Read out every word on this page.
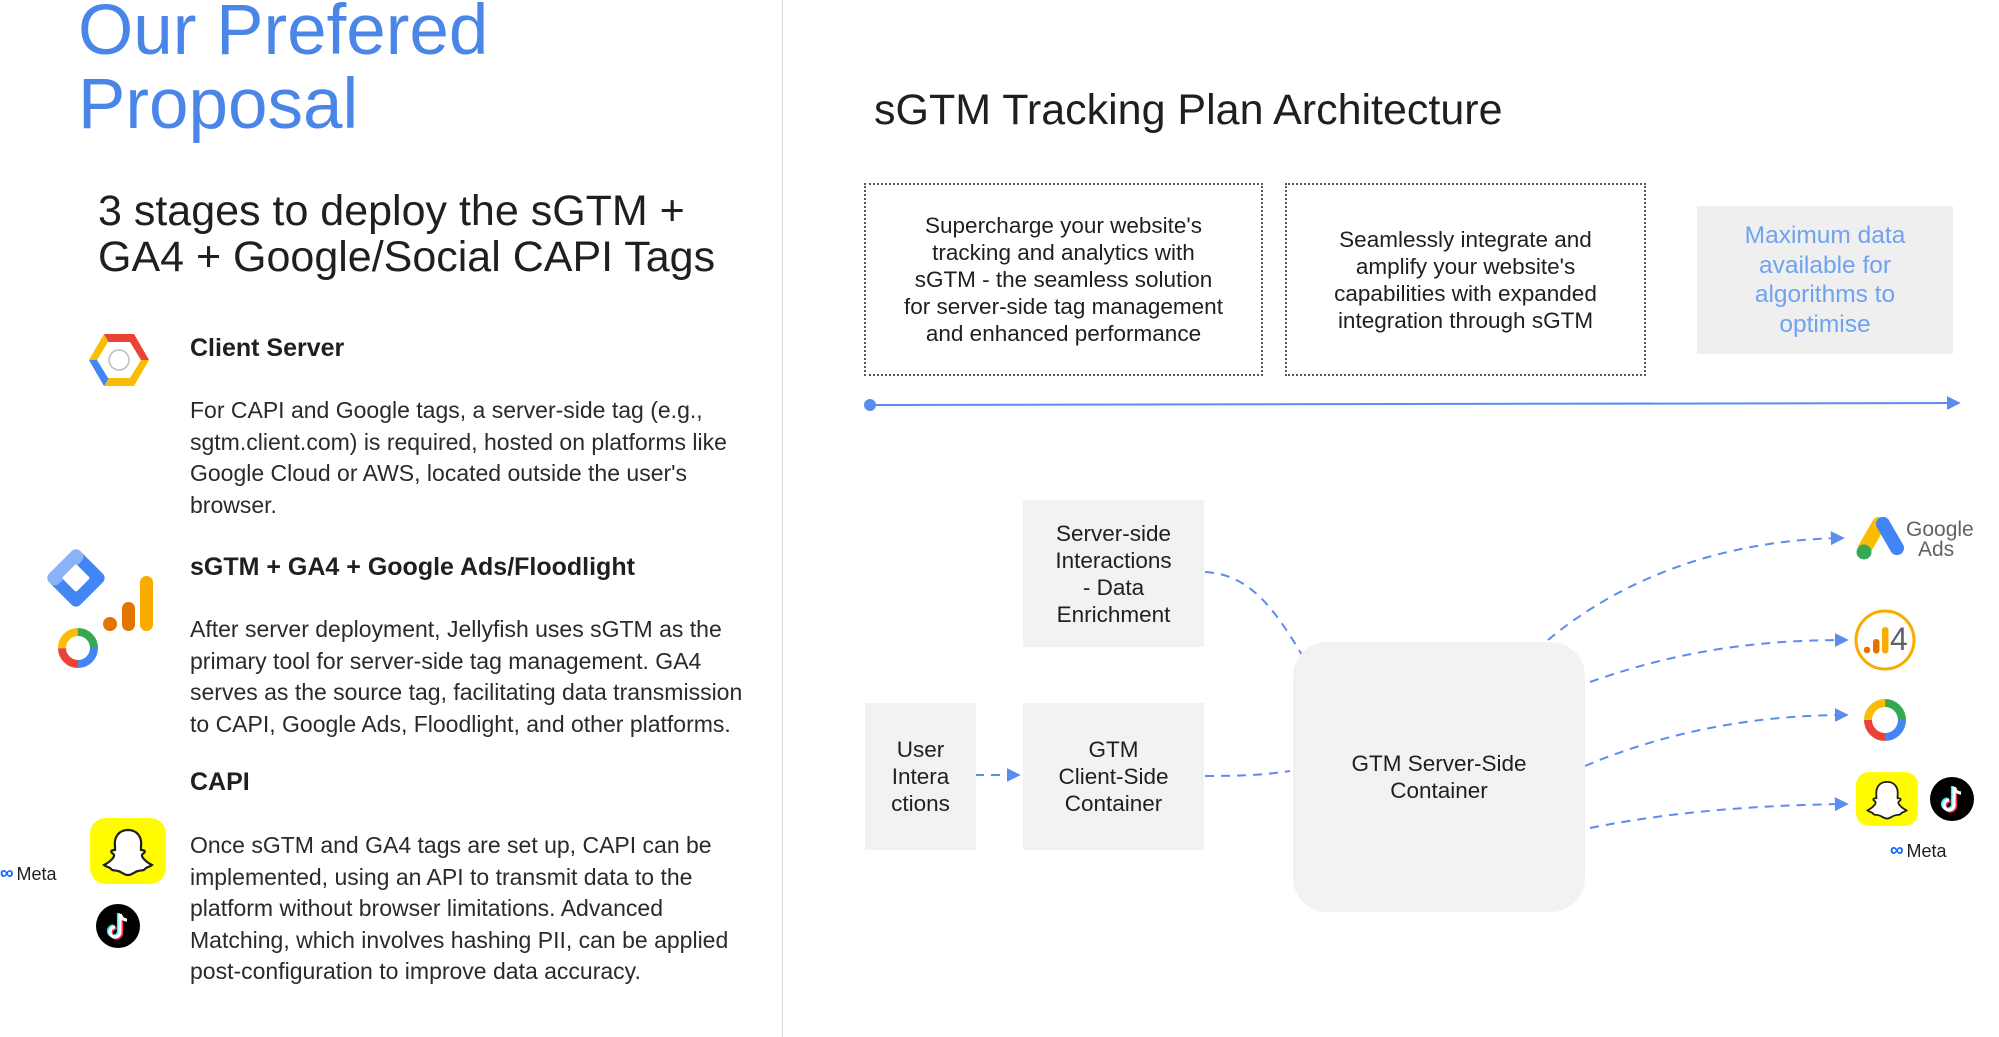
Our Prefered
Proposal
3 stages to deploy the sGTM +
GA4 + Google/Social CAPI Tags
Client Server
For CAPI and Google tags, a server-side tag (e.g.,
sgtm.client.com) is required, hosted on platforms like
Google Cloud or AWS, located outside the user's
browser.
sGTM + GA4 + Google Ads/Floodlight
After server deployment, Jellyfish uses sGTM as the
primary tool for server-side tag management. GA4
serves as the source tag, facilitating data transmission
to CAPI, Google Ads, Floodlight, and other platforms.
∞ Meta
CAPI
Once sGTM and GA4 tags are set up, CAPI can be
implemented, using an API to transmit data to the
platform without browser limitations. Advanced
Matching, which involves hashing PII, can be applied
post-configuration to improve data accuracy.
sGTM Tracking Plan Architecture
Supercharge your website's
tracking and analytics with
sGTM - the seamless solution
for server-side tag management
and enhanced performance
Seamlessly integrate and
amplify your website's
capabilities with expanded
integration through sGTM
Maximum data
available for
algorithms to
optimise
Server-side
Interactions
- Data
Enrichment
User
Intera
ctions
GTM
Client-Side
Container
GTM Server-Side
Container
Google
Ads
4
∞ Meta
